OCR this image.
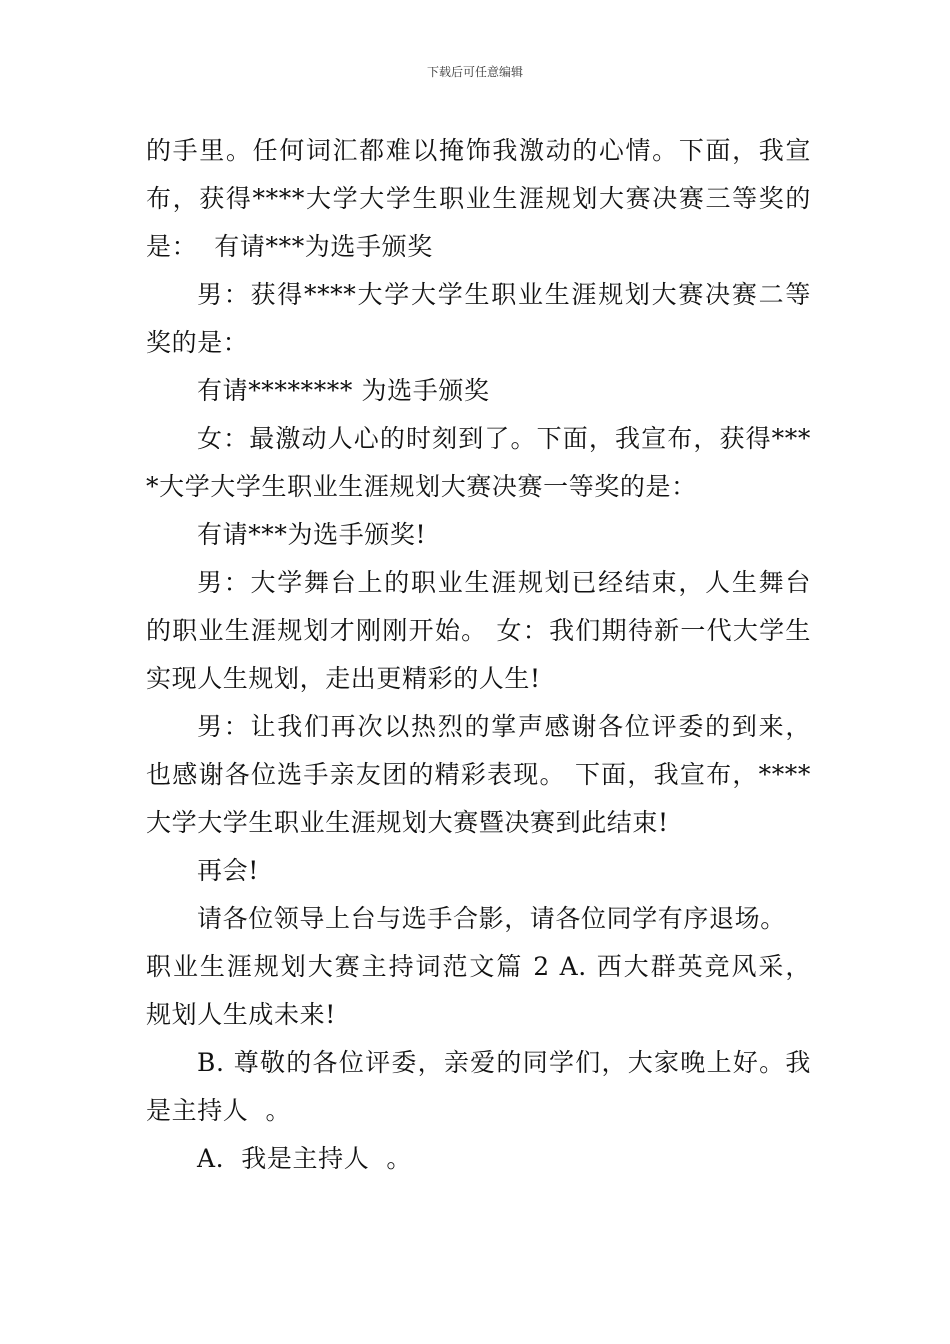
下载后可任意编辑
的手里。任何词汇都难以掩饰我激动的心情。下面，我宣
布，获得****大学大学生职业生涯规划大赛决赛三等奖的
是：  有请***为选手颁奖
男：获得****大学大学生职业生涯规划大赛决赛二等
奖的是：
有请******** 为选手颁奖
女：最激动人心的时刻到了。下面，我宣布，获得***
*大学大学生职业生涯规划大赛决赛一等奖的是：
有请***为选手颁奖!
男：大学舞台上的职业生涯规划已经结束，人生舞台
的职业生涯规划才刚刚开始。 女：我们期待新一代大学生
实现人生规划，走出更精彩的人生!
男：让我们再次以热烈的掌声感谢各位评委的到来，
也感谢各位选手亲友团的精彩表现。 下面，我宣布，****
大学大学生职业生涯规划大赛暨决赛到此结束!
再会!
请各位领导上台与选手合影，请各位同学有序退场。
职业生涯规划大赛主持词范文篇 2 A. 西大群英竞风采，
规划人生成未来!
B. 尊敬的各位评委，亲爱的同学们，大家晚上好。我
是主持人  。
A.  我是主持人  。
